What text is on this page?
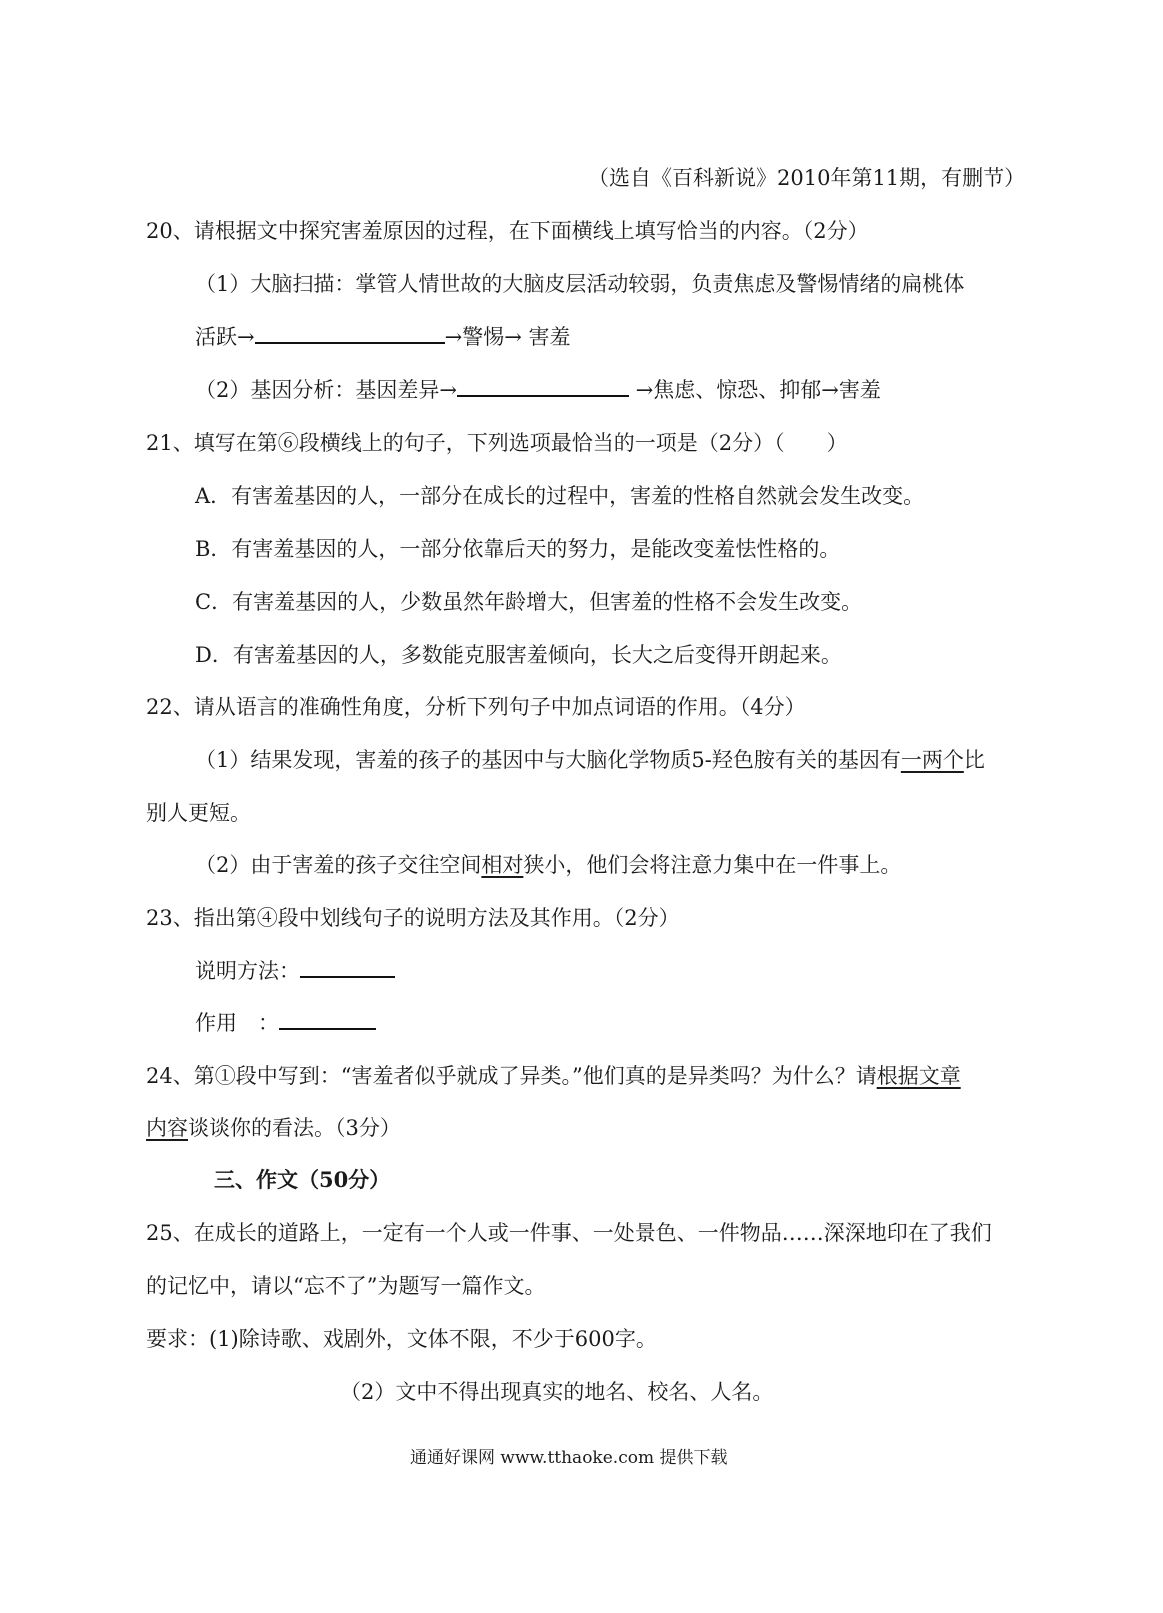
（选自《百科新说》2010年第11期，有删节）
20、请根据文中探究害羞原因的过程，在下面横线上填写恰当的内容。（2分）
（1）大脑扫描：掌管人情世故的大脑皮层活动较弱，负责焦虑及警惕情绪的扁桃体
活跃→	→警惕→ 害羞
（2）基因分析：基因差异→	→焦虑、惊恐、抑郁→害羞
21、填写在第⑥段横线上的句子，下列选项最恰当的一项是（2分）（　　）
A．有害羞基因的人，一部分在成长的过程中，害羞的性格自然就会发生改变。
B．有害羞基因的人，一部分依靠后天的努力，是能改变羞怯性格的。
C．有害羞基因的人，少数虽然年龄增大，但害羞的性格不会发生改变。
D．有害羞基因的人，多数能克服害羞倾向，长大之后变得开朗起来。
22、请从语言的准确性角度，分析下列句子中加点词语的作用。（4分）
（1）结果发现，害羞的孩子的基因中与大脑化学物质5-羟色胺有关的基因有一两个比
别人更短。
（2）由于害羞的孩子交往空间相对狭小，他们会将注意力集中在一件事上。
23、指出第④段中划线句子的说明方法及其作用。（2分）
说明方法：
作用　：
24、第①段中写到：“害羞者似乎就成了异类。”他们真的是异类吗？为什么？请根据文章
内容谈谈你的看法。（3分）
三、作文（50分）
25、在成长的道路上，一定有一个人或一件事、一处景色、一件物品……深深地印在了我们
的记忆中，请以“忘不了”为题写一篇作文。
要求：(1)除诗歌、戏剧外，文体不限，不少于600字。
（2）文中不得出现真实的地名、校名、人名。
通通好课网 www.tthaoke.com 提供下载
